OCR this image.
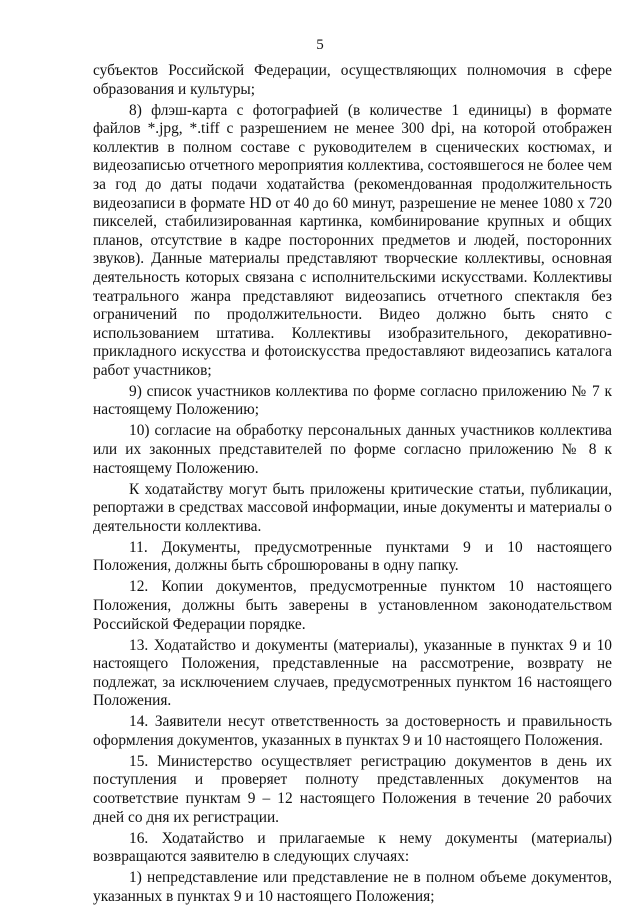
5

субъектов Российской Федерации, осуществляющих полномочия в сфере образования и культуры;

8) флэш-карта с фотографией (в количестве 1 единицы) в формате файлов *.jpg, *.tiff с разрешением не менее 300 dpi, на которой отображен коллектив в полном составе с руководителем в сценических костюмах, и видеозаписью отчетного мероприятия коллектива, состоявшегося не более чем за год до даты подачи ходатайства (рекомендованная продолжительность видеозаписи в формате HD от 40 до 60 минут, разрешение не менее 1080 х 720 пикселей, стабилизированная картинка, комбинирование крупных и общих планов, отсутствие в кадре посторонних предметов и людей, посторонних звуков). Данные материалы представляют творческие коллективы, основная деятельность которых связана с исполнительскими искусствами. Коллективы театрального жанра представляют видеозапись отчетного спектакля без ограничений по продолжительности. Видео должно быть снято с использованием штатива. Коллективы изобразительного, декоративно-прикладного искусства и фотоискусства предоставляют видеозапись каталога работ участников;

9) список участников коллектива по форме согласно приложению № 7 к настоящему Положению;

10) согласие на обработку персональных данных участников коллектива или их законных представителей по форме согласно приложению № 8 к настоящему Положению.

К ходатайству могут быть приложены критические статьи, публикации, репортажи в средствах массовой информации, иные документы и материалы о деятельности коллектива.

11. Документы, предусмотренные пунктами 9 и 10 настоящего Положения, должны быть сброшюрованы в одну папку.

12. Копии документов, предусмотренные пунктом 10 настоящего Положения, должны быть заверены в установленном законодательством Российской Федерации порядке.

13. Ходатайство и документы (материалы), указанные в пунктах 9 и 10 настоящего Положения, представленные на рассмотрение, возврату не подлежат, за исключением случаев, предусмотренных пунктом 16 настоящего Положения.

14. Заявители несут ответственность за достоверность и правильность оформления документов, указанных в пунктах 9 и 10 настоящего Положения.

15. Министерство осуществляет регистрацию документов в день их поступления и проверяет полноту представленных документов на соответствие пунктам 9 – 12 настоящего Положения в течение 20 рабочих дней со дня их регистрации.

16. Ходатайство и прилагаемые к нему документы (материалы) возвращаются заявителю в следующих случаях:

1) непредставление или представление не в полном объеме документов, указанных в пунктах 9 и 10 настоящего Положения;
